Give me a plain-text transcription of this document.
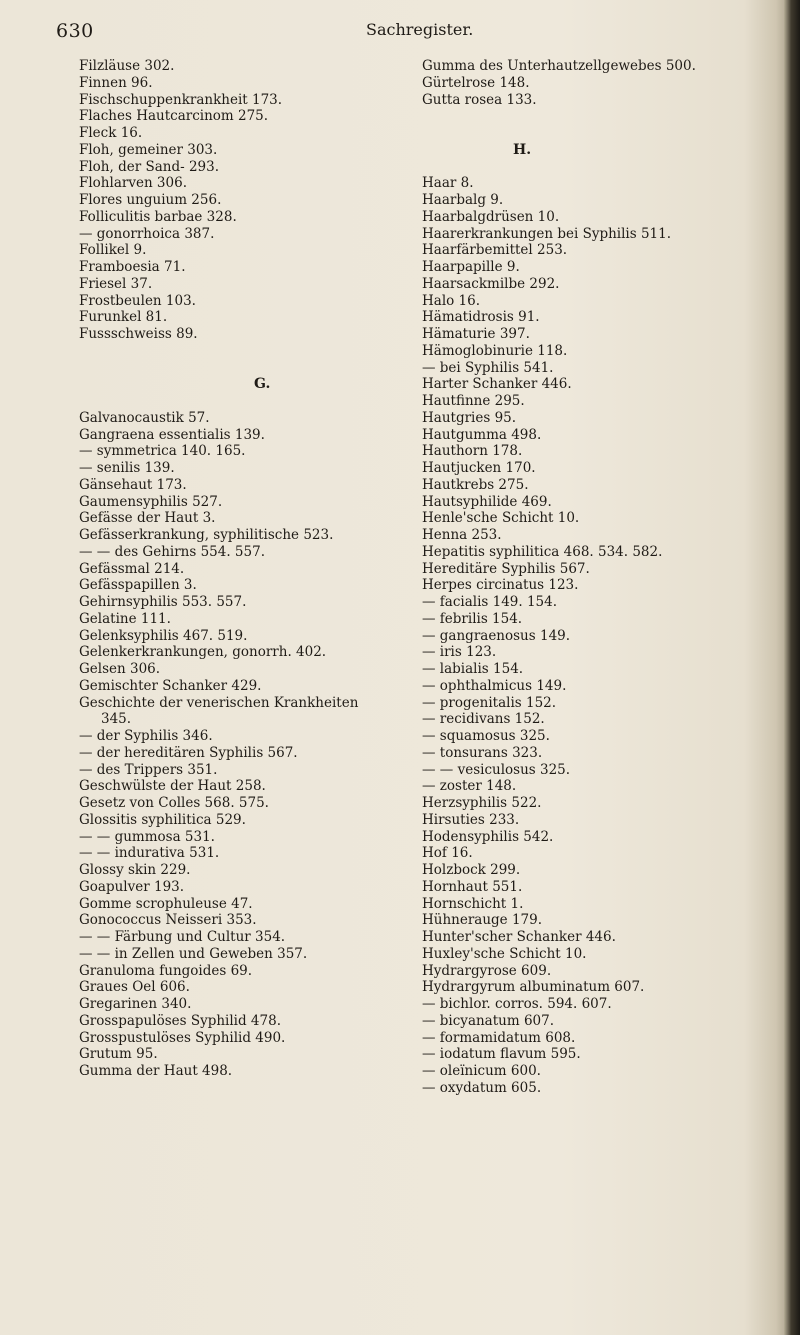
630	Sachregister.
Filzläuse 302.
Finnen 96.
Fischschuppenkrankheit 173.
Flaches Hautcarcinom 275.
Fleck 16.
Floh, gemeiner 303.
Floh, der Sand- 293.
Flohlarven 306.
Flores unguium 256.
Folliculitis barbae 328.
— gonorrhoica 387.
Follikel 9.
Framboesia 71.
Friesel 37.
Frostbeulen 103.
Furunkel 81.
Fussschweiss 89.
G.
Galvanocaustik 57.
Gangraena essentialis 139.
— symmetrica 140. 165.
— senilis 139.
Gänsehaut 173.
Gaumensyphilis 527.
Gefässe der Haut 3.
Gefässerkrankung, syphilitische 523.
— — des Gehirns 554. 557.
Gefässmal 214.
Gefässpapillen 3.
Gehirnsyphilis 553. 557.
Gelatine 111.
Gelenksyphilis 467. 519.
Gelenkerkrankungen, gonorrh. 402.
Gelsen 306.
Gemischter Schanker 429.
Geschichte der venerischen Krankheiten
345.
— der Syphilis 346.
— der hereditären Syphilis 567.
— des Trippers 351.
Geschwülste der Haut 258.
Gesetz von Colles 568. 575.
Glossitis syphilitica 529.
— — gummosa 531.
— — indurativa 531.
Glossy skin 229.
Goapulver 193.
Gomme scrophuleuse 47.
Gonococcus Neisseri 353.
— — Färbung und Cultur 354.
— — in Zellen und Geweben 357.
Granuloma fungoides 69.
Graues Oel 606.
Gregarinen 340.
Grosspapulöses Syphilid 478.
Grosspustulöses Syphilid 490.
Grutum 95.
Gumma der Haut 498.
Gumma des Unterhautzellgewebes 500.
Gürtelrose 148.
Gutta rosea 133.
H.
Haar 8.
Haarbalg 9.
Haarbalgdrüsen 10.
Haarerkrankungen bei Syphilis 511.
Haarfärbemittel 253.
Haarpapille 9.
Haarsackmilbe 292.
Halo 16.
Hämatidrosis 91.
Hämaturie 397.
Hämoglobinurie 118.
— bei Syphilis 541.
Harter Schanker 446.
Hautfinne 295.
Hautgries 95.
Hautgumma 498.
Hauthorn 178.
Hautjucken 170.
Hautkrebs 275.
Hautsyphilide 469.
Henle'sche Schicht 10.
Henna 253.
Hepatitis syphilitica 468. 534. 582.
Hereditäre Syphilis 567.
Herpes circinatus 123.
— facialis 149. 154.
— febrilis 154.
— gangraenosus 149.
— iris 123.
— labialis 154.
— ophthalmicus 149.
— progenitalis 152.
— recidivans 152.
— squamosus 325.
— tonsurans 323.
— — vesiculosus 325.
— zoster 148.
Herzsyphilis 522.
Hirsuties 233.
Hodensyphilis 542.
Hof 16.
Holzbock 299.
Hornhaut 551.
Hornschicht 1.
Hühnerauge 179.
Hunter'scher Schanker 446.
Huxley'sche Schicht 10.
Hydrargyrose 609.
Hydrargyrum albuminatum 607.
— bichlor. corros. 594. 607.
— bicyanatum 607.
— formamidatum 608.
— iodatum flavum 595.
— oleïnicum 600.
— oxydatum 605.
